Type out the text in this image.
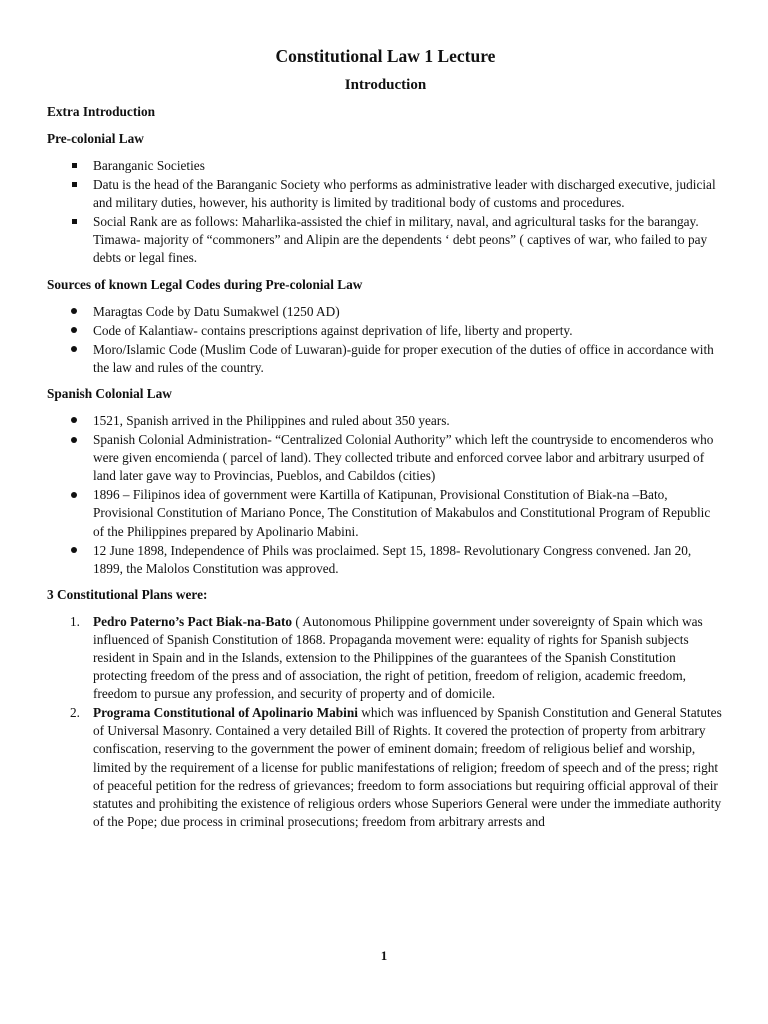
Constitutional Law 1 Lecture
Introduction
Extra Introduction
Pre-colonial Law
Baranganic Societies
Datu is the head of the Baranganic Society who performs as administrative leader with discharged executive, judicial and military duties, however, his authority is limited by traditional body of customs and procedures.
Social Rank are as follows: Maharlika-assisted the chief in military, naval, and agricultural tasks for the barangay. Timawa- majority of “commoners” and Alipin are the dependents ‘ debt peons” ( captives of war, who failed to pay debts or legal fines.
Sources of known Legal Codes during Pre-colonial Law
Maragtas Code by Datu Sumakwel (1250 AD)
Code of Kalantiaw- contains prescriptions against deprivation of life, liberty and property.
Moro/Islamic Code (Muslim Code of Luwaran)-guide for proper execution of the duties of office in accordance with the law and rules of the country.
Spanish Colonial Law
1521, Spanish arrived in the Philippines and ruled about 350 years.
Spanish Colonial Administration- “Centralized Colonial Authority” which left the countryside to encomenderos who were given encomienda ( parcel of land). They collected tribute and enforced corvee labor and arbitrary usurped of land later gave way to Provincias, Pueblos, and Cabildos (cities)
1896 – Filipinos idea of government were Kartilla of Katipunan, Provisional Constitution of Biak-na –Bato, Provisional Constitution of Mariano Ponce, The Constitution of Makabulos and Constitutional Program of Republic of the Philippines prepared by Apolinario Mabini.
12 June 1898, Independence of Phils was proclaimed. Sept 15, 1898- Revolutionary Congress convened. Jan 20, 1899, the Malolos Constitution was approved.
3 Constitutional Plans were:
1. Pedro Paterno’s Pact Biak-na-Bato ( Autonomous Philippine government under sovereignty of Spain which was influenced of Spanish Constitution of 1868. Propaganda movement were: equality of rights for Spanish subjects resident in Spain and in the Islands, extension to the Philippines of the guarantees of the Spanish Constitution protecting freedom of the press and of association, the right of petition, freedom of religion, academic freedom, freedom to pursue any profession, and security of property and of domicile.
2. Programa Constitutional of Apolinario Mabini which was influenced by Spanish Constitution and General Statutes of Universal Masonry. Contained a very detailed Bill of Rights. It covered the protection of property from arbitrary confiscation, reserving to the government the power of eminent domain; freedom of religious belief and worship, limited by the requirement of a license for public manifestations of religion; freedom of speech and of the press; right of peaceful petition for the redress of grievances; freedom to form associations but requiring official approval of their statutes and prohibiting the existence of religious orders whose Superiors General were under the immediate authority of the Pope; due process in criminal prosecutions; freedom from arbitrary arrests and
1
